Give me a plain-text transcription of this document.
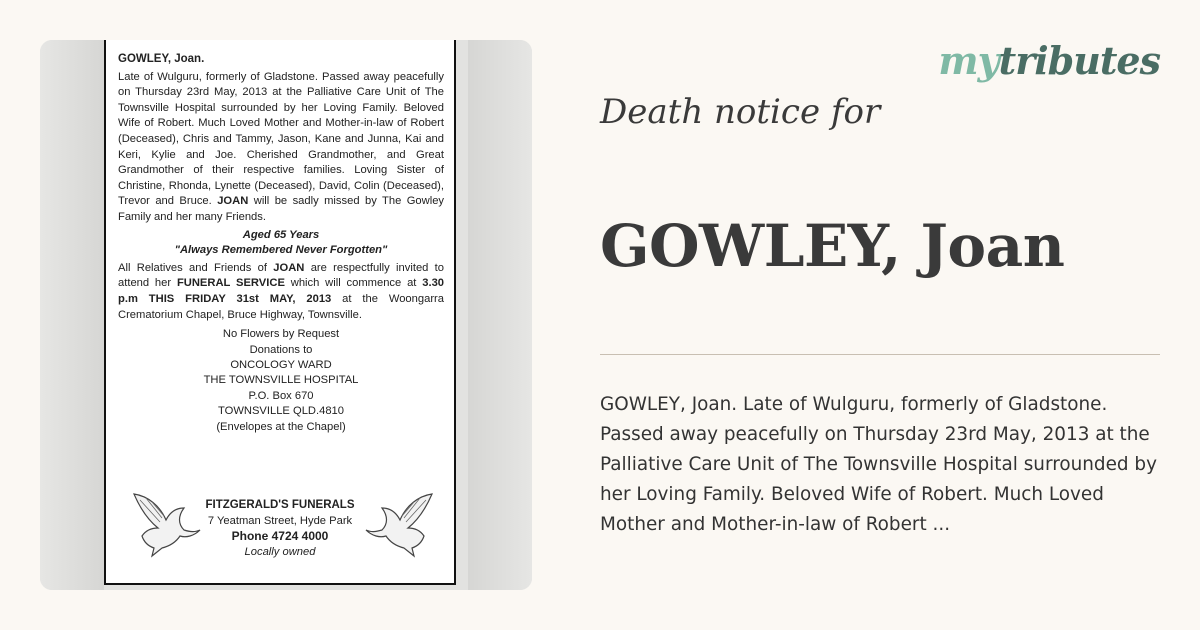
GOWLEY, Joan.
Late of Wulguru, formerly of Gladstone. Passed away peacefully on Thursday 23rd May, 2013 at the Palliative Care Unit of The Townsville Hospital surrounded by her Loving Family. Beloved Wife of Robert. Much Loved Mother and Mother-in-law of Robert (Deceased), Chris and Tammy, Jason, Kane and Junna, Kai and Keri, Kylie and Joe. Cherished Grandmother, and Great Grandmother of their respective families. Loving Sister of Christine, Rhonda, Lynette (Deceased), David, Colin (Deceased), Trevor and Bruce. JOAN will be sadly missed by The Gowley Family and her many Friends.
Aged 65 Years
"Always Remembered Never Forgotten"
All Relatives and Friends of JOAN are respectfully invited to attend her FUNERAL SERVICE which will commence at 3.30 p.m THIS FRIDAY 31st MAY, 2013 at the Woongarra Crematorium Chapel, Bruce Highway, Townsville.
No Flowers by Request
Donations to
ONCOLOGY WARD
THE TOWNSVILLE HOSPITAL
P.O. Box 670
TOWNSVILLE QLD.4810
(Envelopes at the Chapel)
FITZGERALD'S FUNERALS
7 Yeatman Street, Hyde Park
Phone 4724 4000
Locally owned
mytributes
Death notice for
GOWLEY, Joan
GOWLEY, Joan. Late of Wulguru, formerly of Gladstone. Passed away peacefully on Thursday 23rd May, 2013 at the Palliative Care Unit of The Townsville Hospital surrounded by her Loving Family. Beloved Wife of Robert. Much Loved Mother and Mother-in-law of Robert ...
